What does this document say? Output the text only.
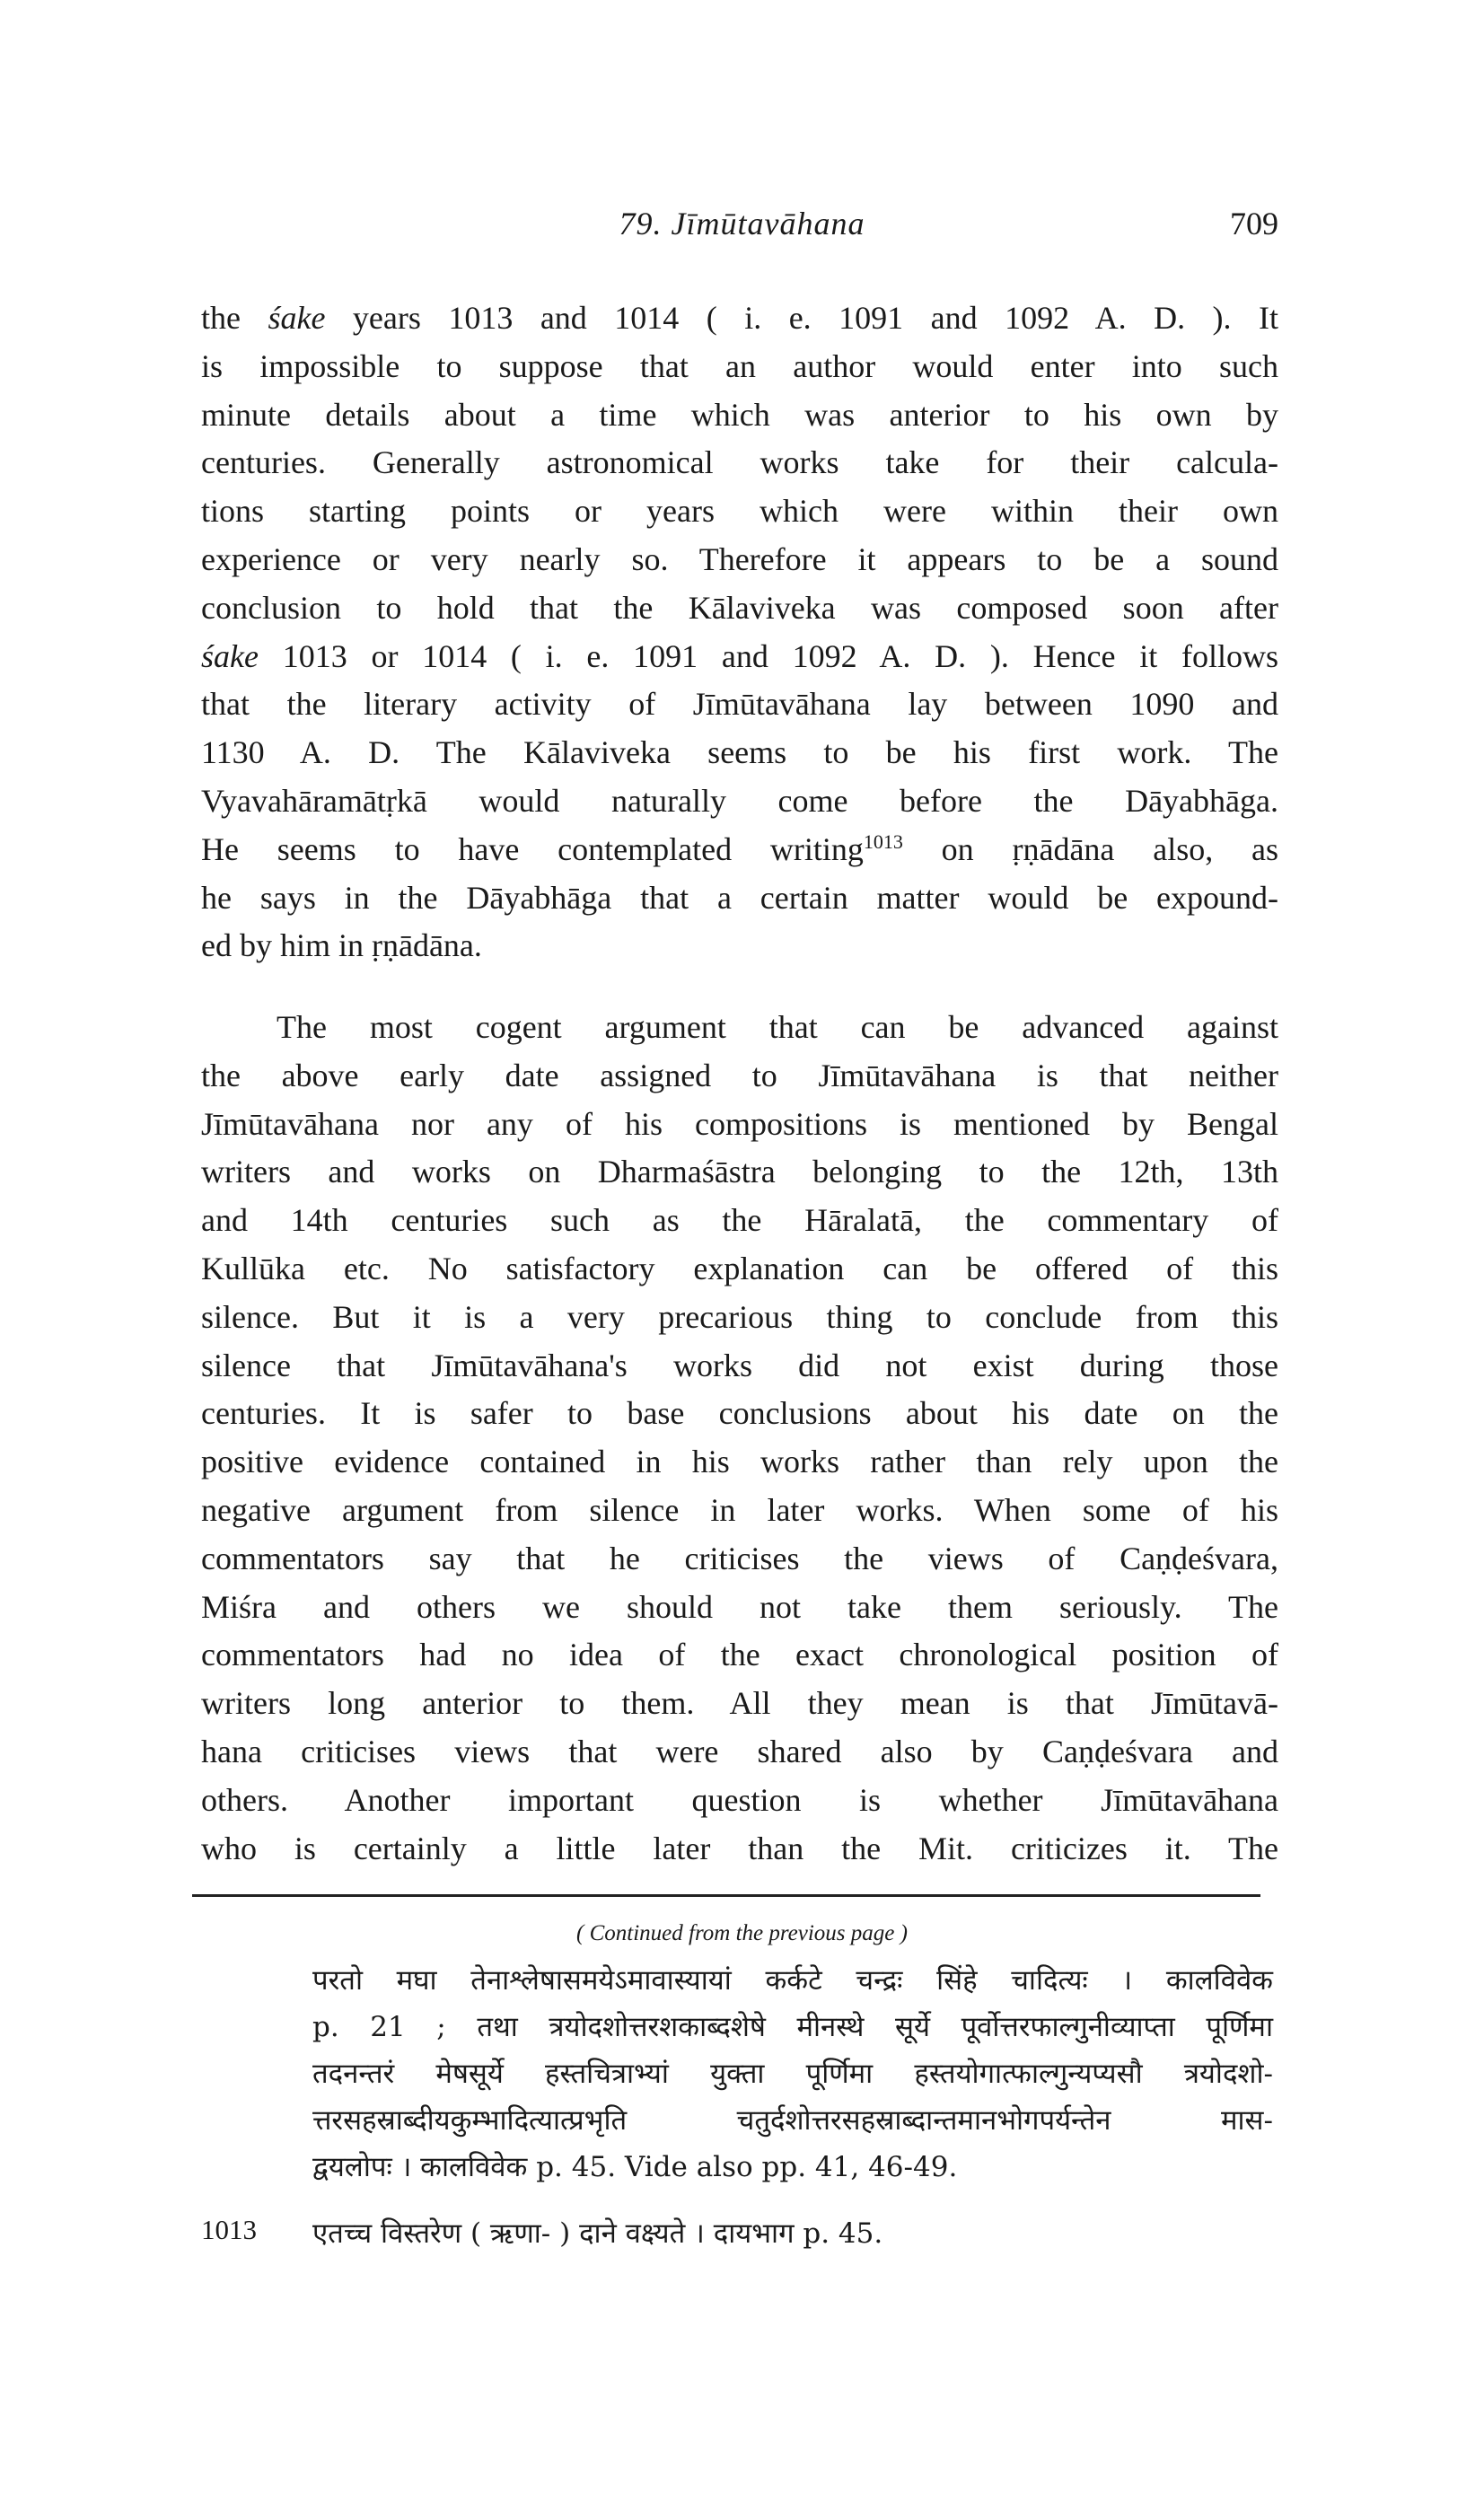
79. Jīmūtavāhana	709
the śake years 1013 and 1014 ( i. e. 1091 and 1092 A. D. ). It
is impossible to suppose that an author would enter into such
minute details about a time which was anterior to his own by
centuries. Generally astronomical works take for their calcula-
tions starting points or years which were within their own
experience or very nearly so. Therefore it appears to be a sound
conclusion to hold that the Kālaviveka was composed soon after
śake 1013 or 1014 ( i. e. 1091 and 1092 A. D. ). Hence it follows
that the literary activity of Jīmūtavāhana lay between 1090 and
1130 A. D. The Kālaviveka seems to be his first work. The
Vyavahāramātṛkā would naturally come before the Dāyabhāga.
He seems to have contemplated writing$^{1013}$ on ṛṇādāna also, as
he says in the Dāyabhāga that a certain matter would be expound-
ed by him in ṛṇādāna.
The most cogent argument that can be advanced against
the above early date assigned to Jīmūtavāhana is that neither
Jīmūtavāhana nor any of his compositions is mentioned by Bengal
writers and works on Dharmaśāstra belonging to the 12th, 13th
and 14th centuries such as the Hāralatā, the commentary of
Kullūka etc. No satisfactory explanation can be offered of this
silence. But it is a very precarious thing to conclude from this
silence that Jīmūtavāhana's works did not exist during those
centuries. It is safer to base conclusions about his date on the
positive evidence contained in his works rather than rely upon the
negative argument from silence in later works. When some of his
commentators say that he criticises the views of Caṇḍeśvara,
Miśra and others we should not take them seriously. The
commentators had no idea of the exact chronological position of
writers long anterior to them. All they mean is that Jīmūtavā-
hana criticises views that were shared also by Caṇḍeśvara and
others. Another important question is whether Jīmūtavāhana
who is certainly a little later than the Mit. criticizes it. The
( Continued from the previous page )
परतो मघा तेनाश्लेषासमयेऽमावास्यायां कर्कटे चन्द्रः सिंहे चादित्यः । कालविवेक
p. 21 ; तथा त्रयोदशोत्तरशकाब्दशेषे मीनस्थे सूर्ये पूर्वोत्तरफाल्गुनीव्याप्ता पूर्णिमा
तदनन्तरं मेषसूर्ये हस्तचित्राभ्यां युक्ता पूर्णिमा हस्तयोगात्फाल्गुन्यप्यसौ त्रयोदशो-
त्तरसहस्राब्दीयकुम्भादित्यात्प्रभृति चतुर्दशोत्तरसहस्राब्दान्तमानभोगपर्यन्तेन मास-
द्वयलोपः । कालविवेक p. 45. Vide also pp. 41, 46-49.
1013 एतच्च विस्तरेण ( ऋणा- ) दाने वक्ष्यते । दायभाग p. 45.
